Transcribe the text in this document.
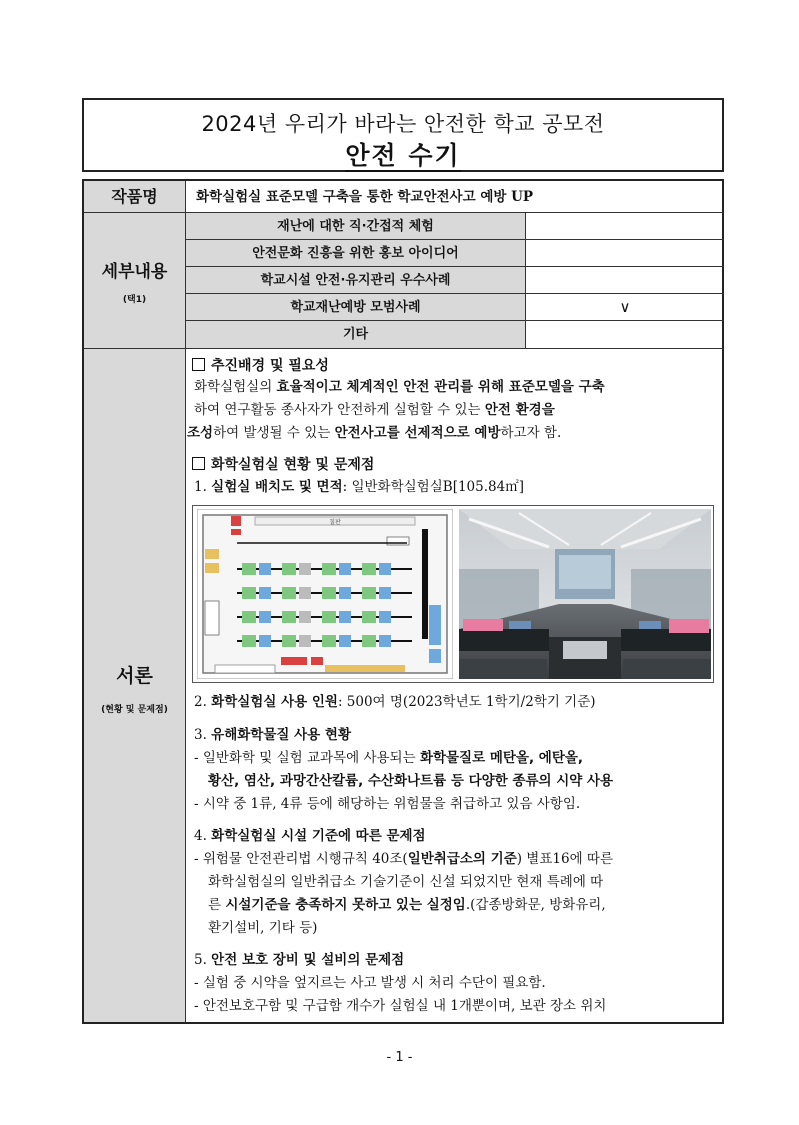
2024년 우리가 바라는 안전한 학교 공모전
안전 수기
작품명	화학실험실 표준모델 구축을 통한 학교안전사고 예방 UP
세부내용
(택1)
재난에 대한 직·간접적 체험
안전문화 진흥을 위한 홍보 아이디어
학교시설 안전·유지관리 우수사례
학교재난예방 모범사례	∨
기타
서론
(현황 및 문제점)
추진배경 및 필요성
화학실험실의 효율적이고 체계적인 안전 관리를 위해 표준모델을 구축
하여 연구활동 종사자가 안전하게 실험할 수 있는 안전 환경을
조성하여 발생될 수 있는 안전사고를 선제적으로 예방하고자 함.
화학실험실 현황 및 문제점
1. 실험실 배치도 및 면적: 일반화학실험실B[105.84㎡]
칠판
2. 화학실험실 사용 인원: 500여 명(2023학년도 1학기/2학기 기준)
3. 유해화학물질 사용 현황
- 일반화학 및 실험 교과목에 사용되는 화학물질로 메탄올, 에탄올,
황산, 염산, 과망간산칼륨, 수산화나트륨 등 다양한 종류의 시약 사용
- 시약 중 1류, 4류 등에 해당하는 위험물을 취급하고 있음 사항임.
4. 화학실험실 시설 기준에 따른 문제점
- 위험물 안전관리법 시행규칙 40조(일반취급소의 기준) 별표16에 따른
화학실험실의 일반취급소 기술기준이 신설 되었지만 현재 특례에 따
른 시설기준을 충족하지 못하고 있는 실정임.(갑종방화문, 방화유리,
환기설비, 기타 등)
5. 안전 보호 장비 및 설비의 문제점
- 실험 중 시약을 엎지르는 사고 발생 시 처리 수단이 필요함.
- 안전보호구함 및 구급함 개수가 실험실 내 1개뿐이며, 보관 장소 위치
- 1 -
